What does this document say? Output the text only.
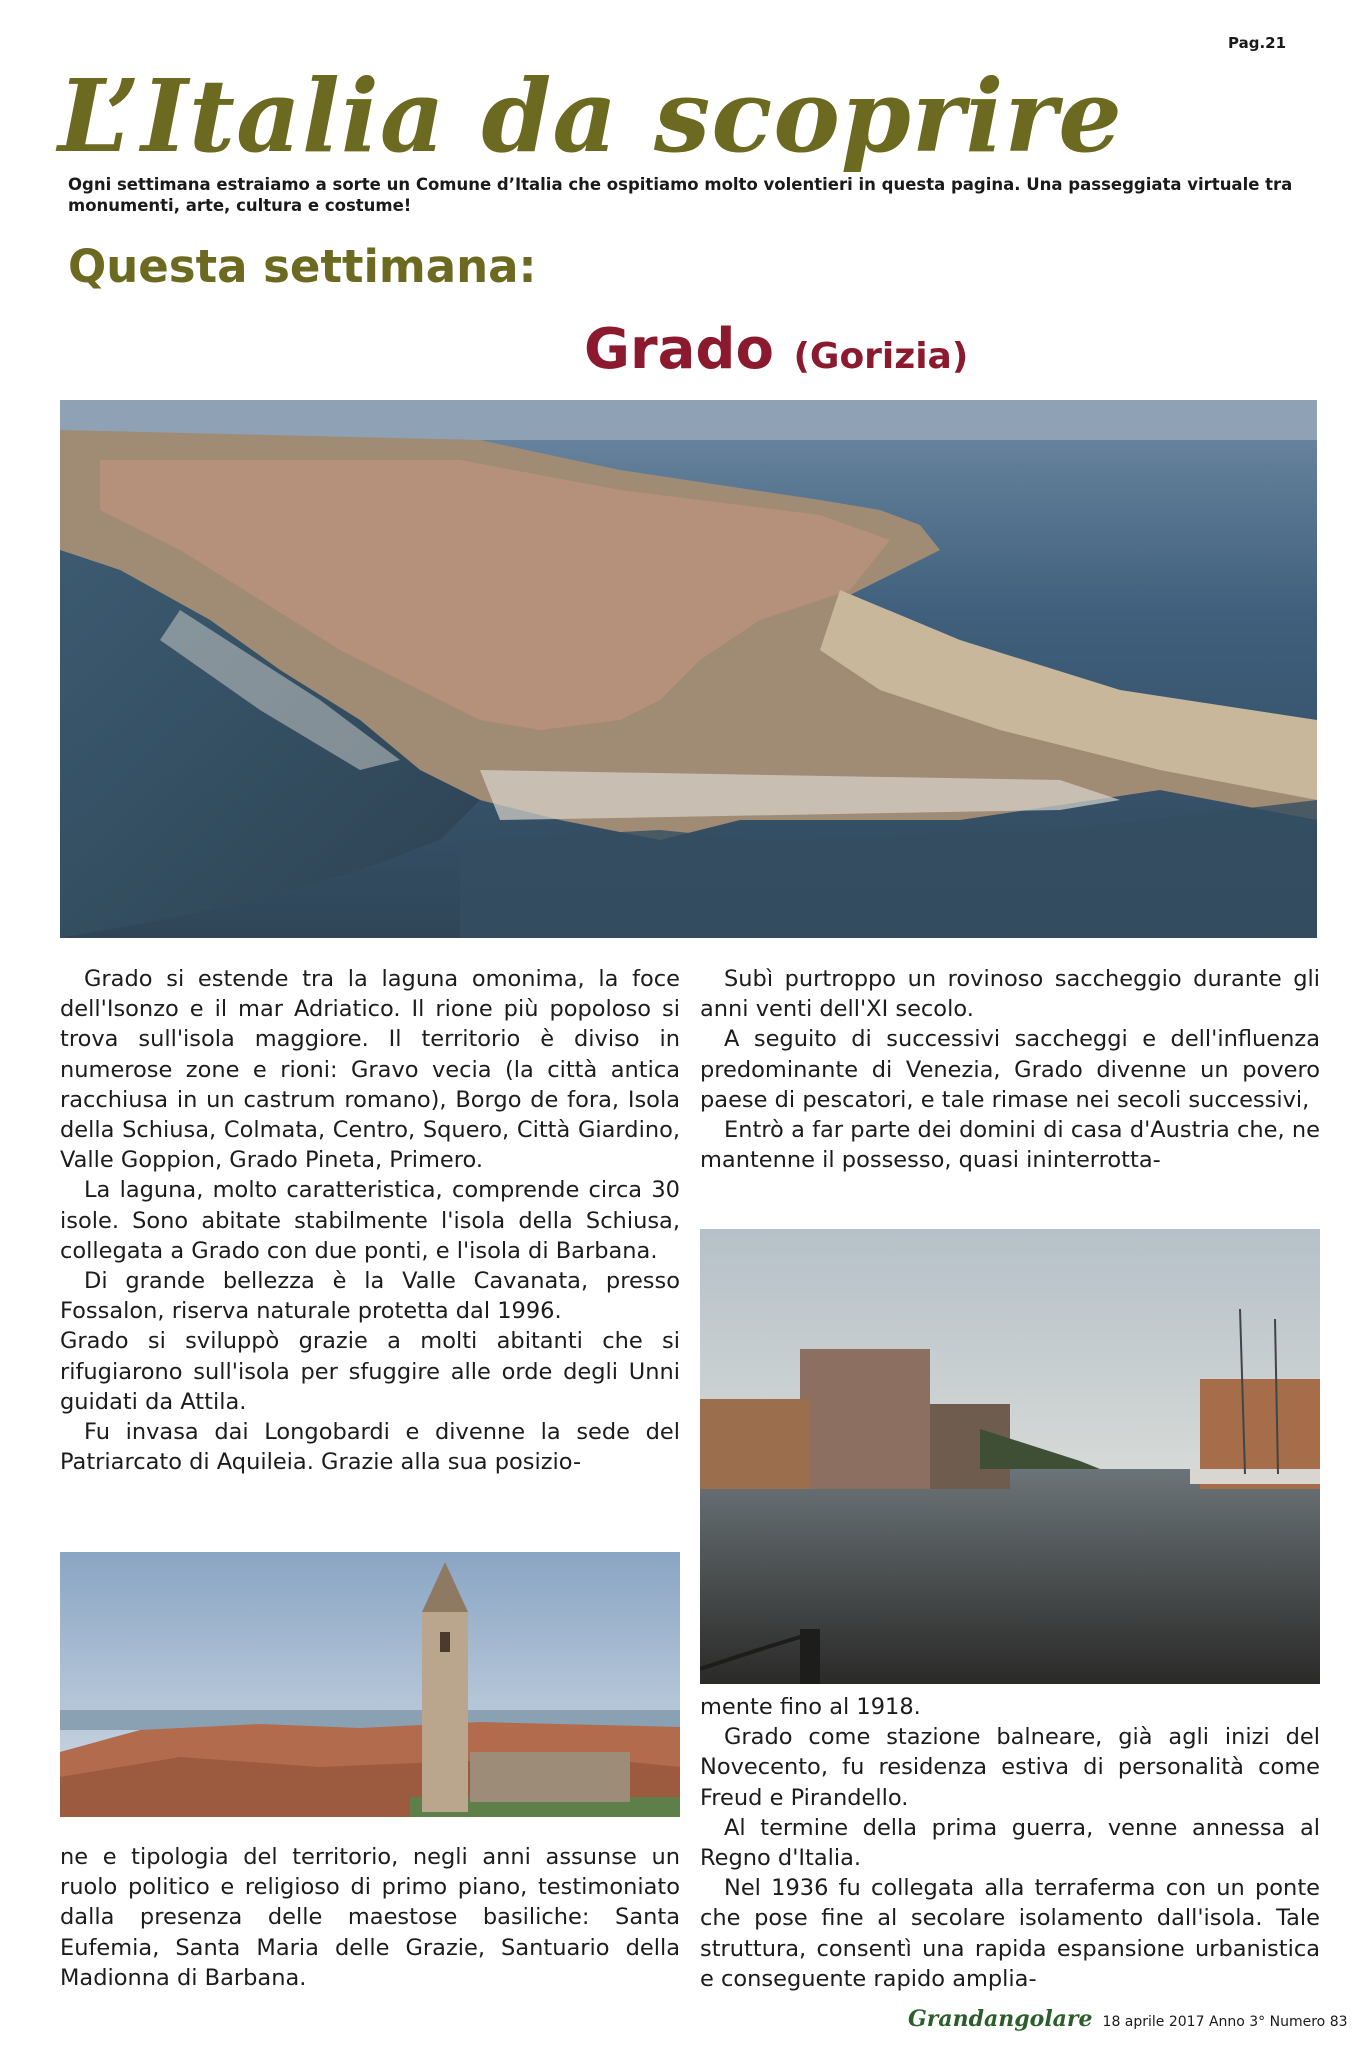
Pag.21
L’Italia da scoprire
Ogni settimana estraiamo a sorte un Comune d’Italia che ospitiamo molto volentieri in questa pagina. Una passeggiata virtuale tra monumenti, arte, cultura e costume!
Questa settimana:
Grado (Gorizia)

Grado si estende tra la laguna omonima, la foce dell'Isonzo e il mar Adriatico. Il rione più popoloso si trova sull'isola maggiore. Il territorio è diviso in numerose zone e rioni: Gravo vecia (la città antica racchiusa in un castrum romano), Borgo de fora, Isola della Schiusa, Colmata, Centro, Squero, Città Giardino, Valle Goppion, Grado Pineta, Primero.

La laguna, molto caratteristica, comprende circa 30 isole. Sono abitate stabilmente l'isola della Schiusa, collegata a Grado con due ponti, e l'isola di Barbana.

Di grande bellezza è la Valle Cavanata, presso Fossalon, riserva naturale protetta dal 1996.

Grado si sviluppò grazie a molti abitanti che si rifugiarono sull'isola per sfuggire alle orde degli Unni guidati da Attila.

Fu invasa dai Longobardi e divenne la sede del Patriarcato di Aquileia. Grazie alla sua posizio-

ne e tipologia del territorio, negli anni assunse un ruolo politico e religioso di primo piano, testimoniato dalla presenza delle maestose basiliche: Santa Eufemia, Santa Maria delle Grazie, Santuario della Madionna di Barbana.

Subì purtroppo un rovinoso saccheggio durante gli anni venti dell'XI secolo.

A seguito di successivi saccheggi e dell'influenza predominante di Venezia, Grado divenne un povero paese di pescatori, e tale rimase nei secoli successivi,

Entrò a far parte dei domini di casa d'Austria che, ne mantenne il possesso, quasi ininterrotta-

mente fino al 1918.

Grado come stazione balneare, già agli inizi del Novecento, fu residenza estiva di personalità come Freud e Pirandello.

Al termine della prima guerra, venne annessa al Regno d'Italia.

Nel 1936 fu collegata alla terraferma con un ponte che pose fine al secolare isolamento dall'isola. Tale struttura, consentì una rapida espansione urbanistica e conseguente rapido amplia-

Grandangolare 18 aprile 2017 Anno 3° Numero 83
